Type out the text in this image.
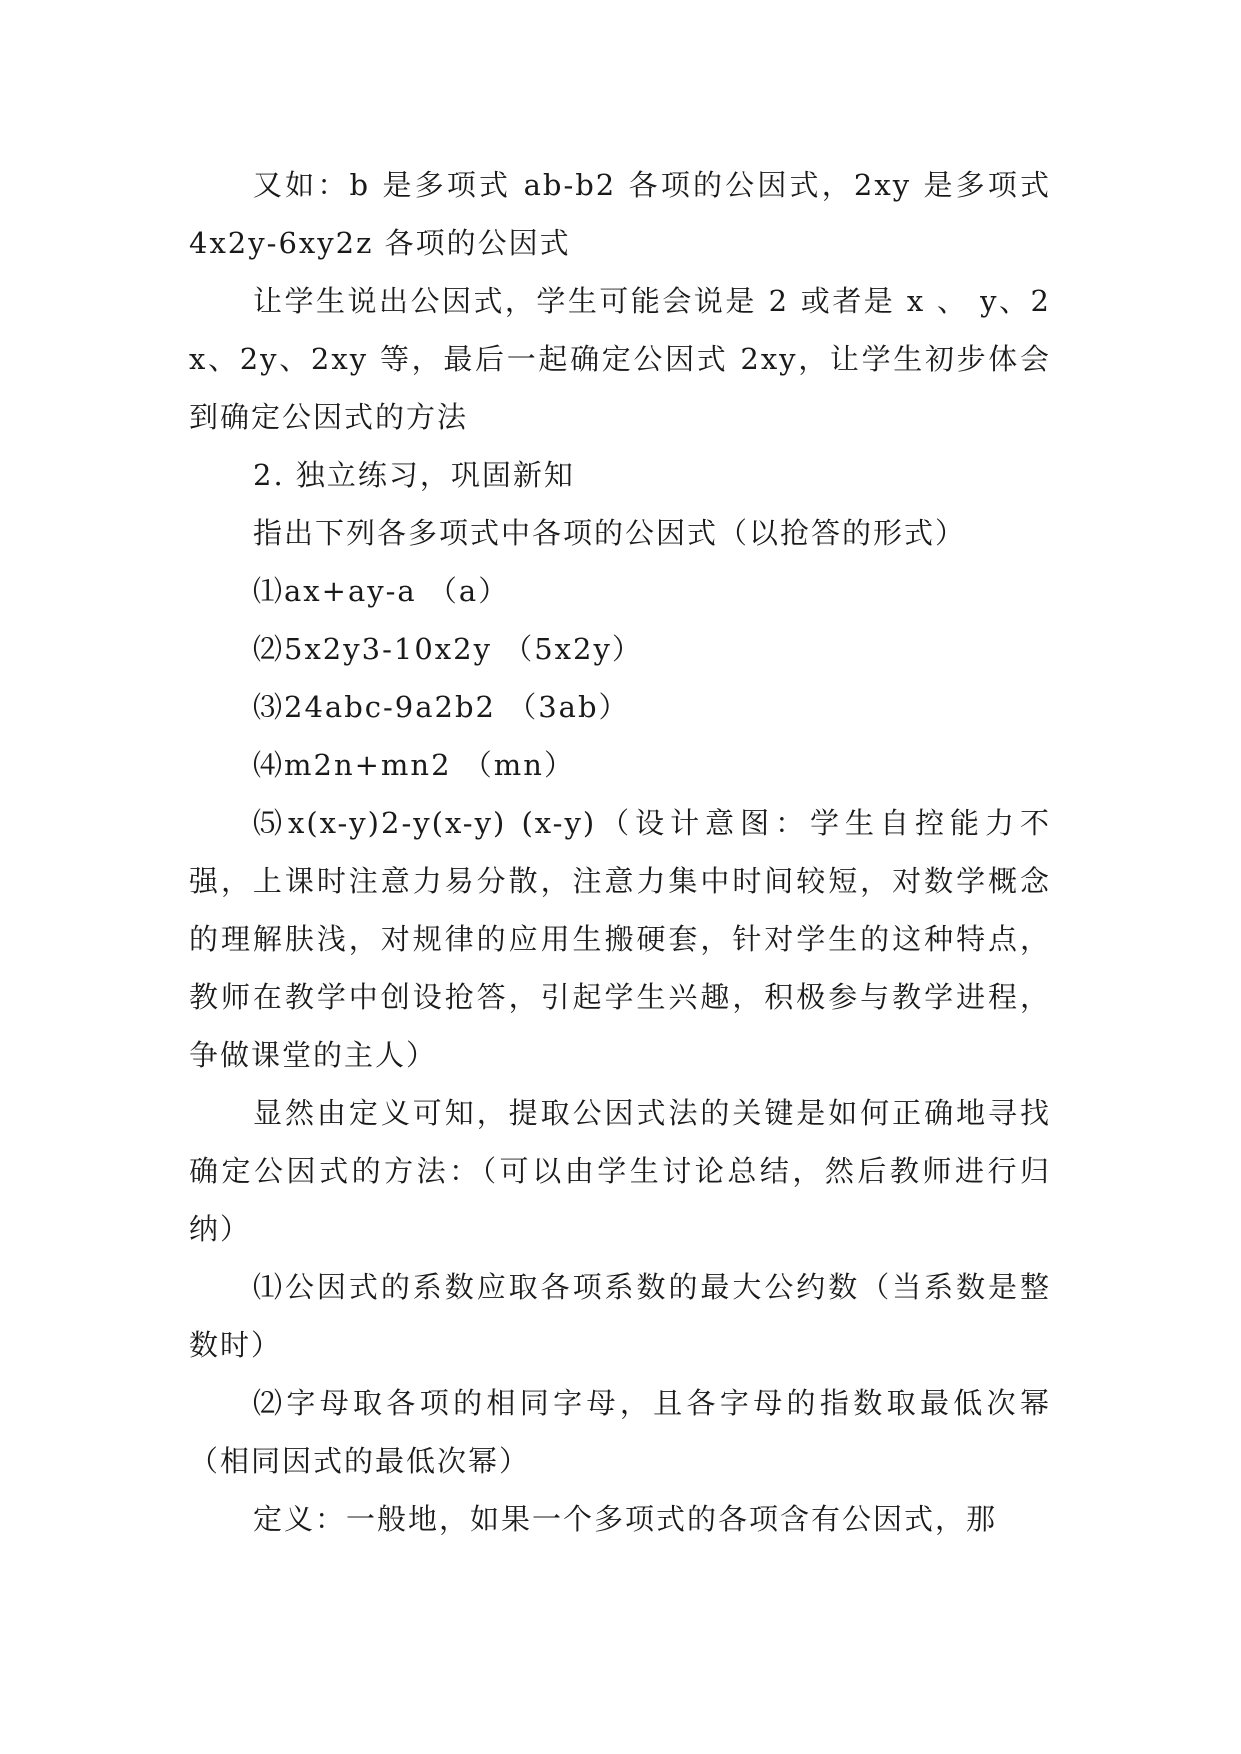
又如：b 是多项式 ab-b2 各项的公因式，2xy 是多项式 4x2y-6xy2z 各项的公因式

让学生说出公因式，学生可能会说是 2 或者是 x 、 y、2x、2y、2xy 等，最后一起确定公因式 2xy，让学生初步体会到确定公因式的方法

2. 独立练习，巩固新知

指出下列各多项式中各项的公因式（以抢答的形式）

⑴ax+ay-a （a）

⑵5x2y3-10x2y （5x2y）

⑶24abc-9a2b2 （3ab）

⑷m2n+mn2 （mn）

⑸x(x-y)2-y(x-y) (x-y)（设计意图：学生自控能力不强，上课时注意力易分散，注意力集中时间较短，对数学概念的理解肤浅，对规律的应用生搬硬套，针对学生的这种特点，教师在教学中创设抢答，引起学生兴趣，积极参与教学进程，争做课堂的主人）

显然由定义可知，提取公因式法的关键是如何正确地寻找确定公因式的方法：（可以由学生讨论总结，然后教师进行归纳）

⑴公因式的系数应取各项系数的最大公约数（当系数是整数时）

⑵字母取各项的相同字母，且各字母的指数取最低次幂（相同因式的最低次幂）

定义：一般地，如果一个多项式的各项含有公因式，那
